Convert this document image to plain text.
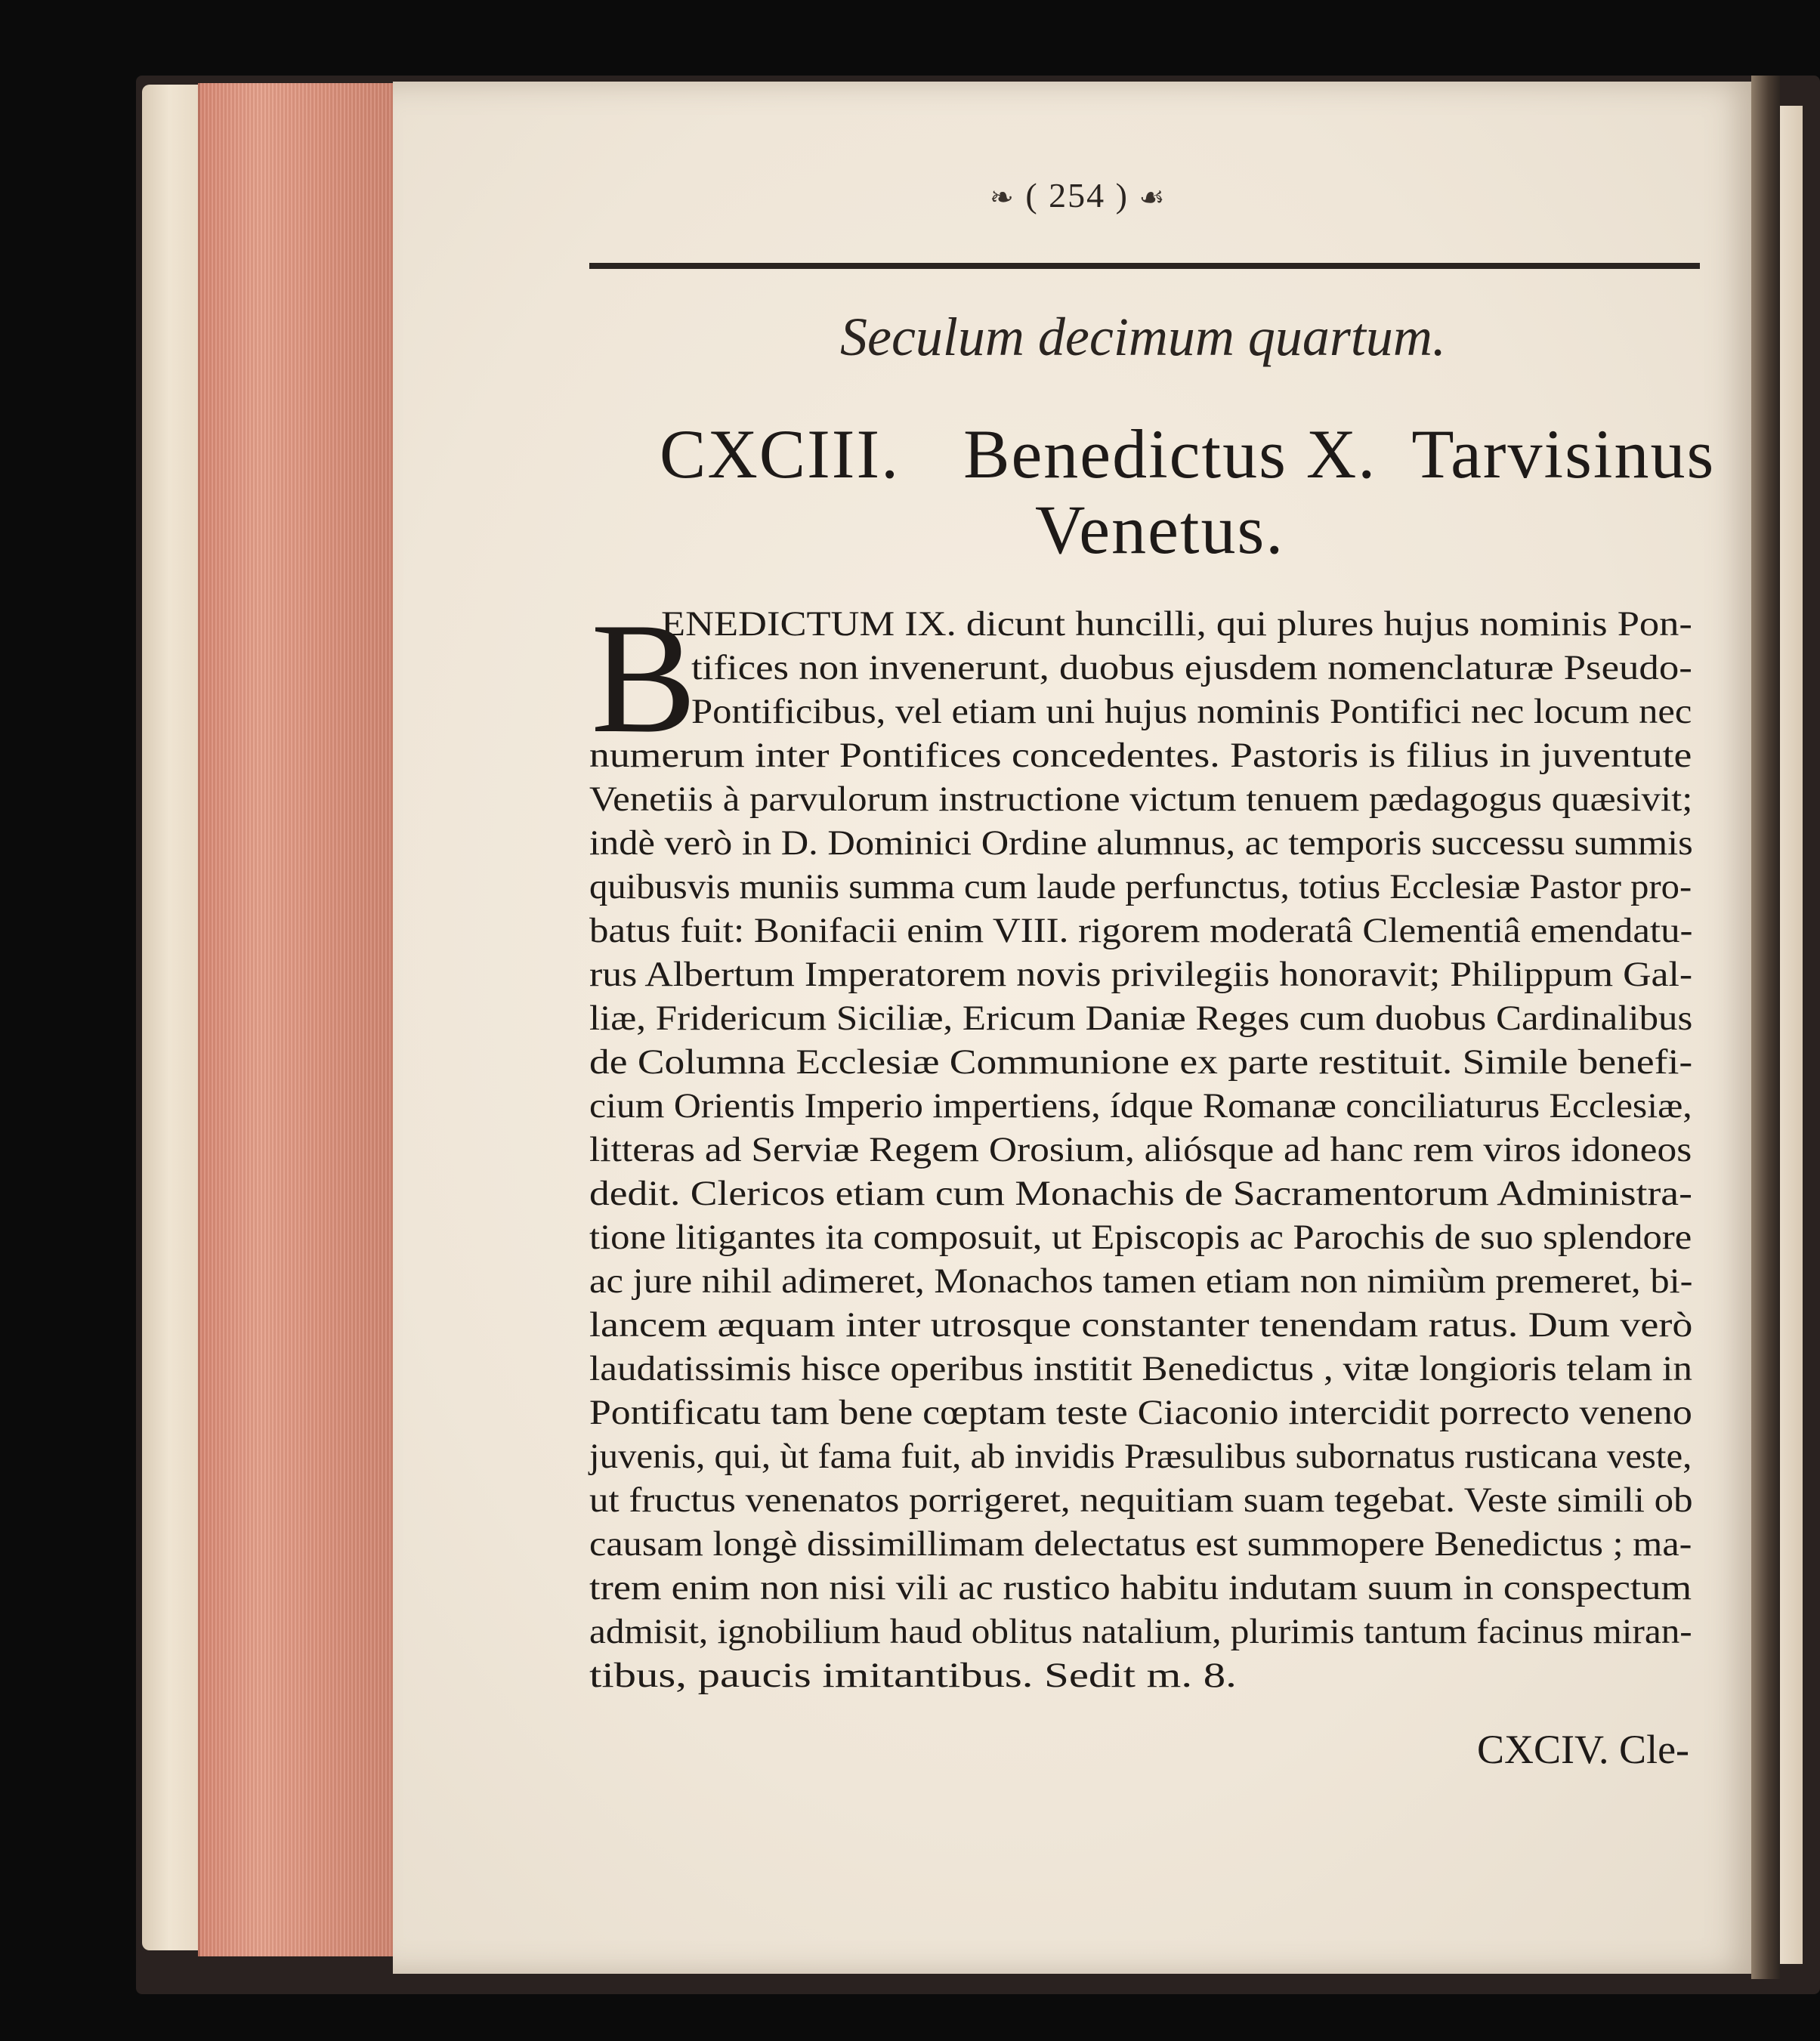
❧ ( 254 ) ☙
Seculum decimum quartum.
CXCIII. Benedictus X. Tarvisinus
Venetus.
B
ENEDICTUM IX. dicunt huncilli, qui plures hujus nominis Pon-
tifices non invenerunt, duobus ejusdem nomenclaturæ Pseudo-
Pontificibus, vel etiam uni hujus nominis Pontifici nec locum nec
numerum inter Pontifices concedentes. Pastoris is filius in juventute
Venetiis à parvulorum instructione victum tenuem pædagogus quæsivit;
indè verò in D. Dominici Ordine alumnus, ac temporis successu summis
quibusvis muniis summa cum laude perfunctus, totius Ecclesiæ Pastor pro-
batus fuit: Bonifacii enim VIII. rigorem moderatâ Clementiâ emendatu-
rus Albertum Imperatorem novis privilegiis honoravit; Philippum Gal-
liæ, Fridericum Siciliæ, Ericum Daniæ Reges cum duobus Cardinalibus
de Columna Ecclesiæ Communione ex parte restituit. Simile benefi-
cium Orientis Imperio impertiens, ídque Romanæ conciliaturus Ecclesiæ,
litteras ad Serviæ Regem Orosium, aliósque ad hanc rem viros idoneos
dedit. Clericos etiam cum Monachis de Sacramentorum Administra-
tione litigantes ita composuit, ut Episcopis ac Parochis de suo splendore
ac jure nihil adimeret, Monachos tamen etiam non nimiùm premeret, bi-
lancem æquam inter utrosque constanter tenendam ratus. Dum verò
laudatissimis hisce operibus institit Benedictus , vitæ longioris telam in
Pontificatu tam bene cœptam teste Ciaconio intercidit porrecto veneno
juvenis, qui, ùt fama fuit, ab invidis Præsulibus subornatus rusticana veste,
ut fructus venenatos porrigeret, nequitiam suam tegebat. Veste simili ob
causam longè dissimillimam delectatus est summopere Benedictus ; ma-
trem enim non nisi vili ac rustico habitu indutam suum in conspectum
admisit, ignobilium haud oblitus natalium, plurimis tantum facinus miran-
tibus, paucis imitantibus. Sedit m. 8.
CXCIV. Cle-
